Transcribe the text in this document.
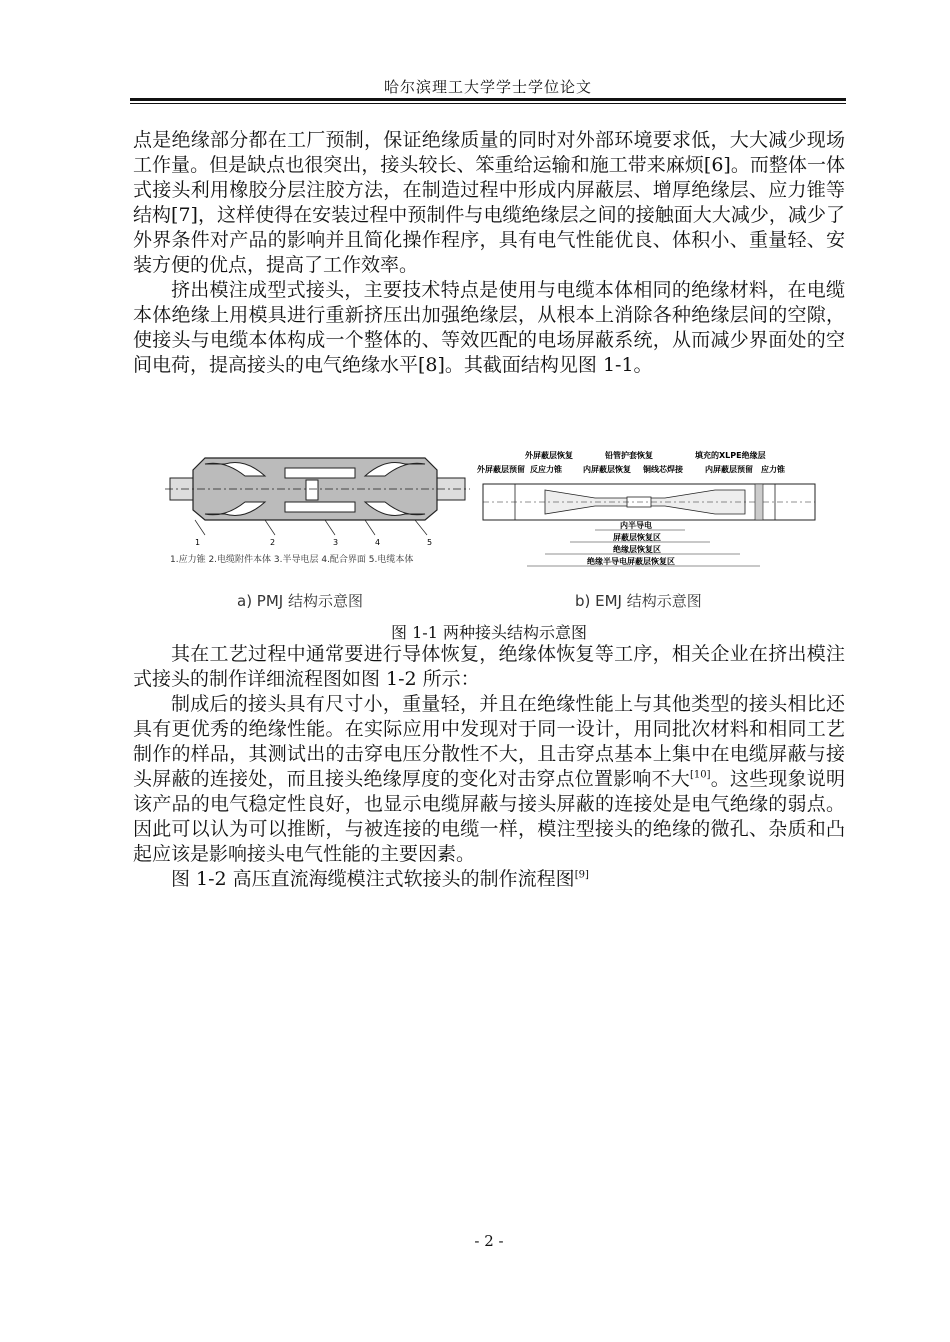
哈尔滨理工大学学士学位论文

点是绝缘部分都在工厂预制，保证绝缘质量的同时对外部环境要求低，大大减少现场工作量。但是缺点也很突出，接头较长、笨重给运输和施工带来麻烦[6]。而整体一体式接头利用橡胶分层注胶方法，在制造过程中形成内屏蔽层、增厚绝缘层、应力锥等结构[7]，这样使得在安装过程中预制件与电缆绝缘层之间的接触面大大减少，减少了外界条件对产品的影响并且简化操作程序，具有电气性能优良、体积小、重量轻、安装方便的优点，提高了工作效率。

挤出模注成型式接头，主要技术特点是使用与电缆本体相同的绝缘材料，在电缆本体绝缘上用模具进行重新挤压出加强绝缘层，从根本上消除各种绝缘层间的空隙，使接头与电缆本体构成一个整体的、等效匹配的电场屏蔽系统，从而减少界面处的空间电荷，提高接头的电气绝缘水平[8]。其截面结构见图 1-1。

1	2	3	4	5
1.应力锥 2.电缆附件本体 3.半导电层 4.配合界面 5.电缆本体
外屏蔽层恢复	铅管护套恢复	填充的XLPE绝缘层
外屏蔽层预留 反应力锥	内屏蔽层恢复 铜线芯焊接	内屏蔽层预留 应力锥
内半导电
屏蔽层恢复区
绝缘层恢复区
绝缘半导电屏蔽层恢复区
a) PMJ 结构示意图	b) EMJ 结构示意图
图 1-1 两种接头结构示意图

其在工艺过程中通常要进行导体恢复，绝缘体恢复等工序，相关企业在挤出模注式接头的制作详细流程图如图 1-2 所示：

制成后的接头具有尺寸小，重量轻，并且在绝缘性能上与其他类型的接头相比还具有更优秀的绝缘性能。在实际应用中发现对于同一设计，用同批次材料和相同工艺制作的样品，其测试出的击穿电压分散性不大，且击穿点基本上集中在电缆屏蔽与接头屏蔽的连接处，而且接头绝缘厚度的变化对击穿点位置影响不大[10]。这些现象说明该产品的电气稳定性良好，也显示电缆屏蔽与接头屏蔽的连接处是电气绝缘的弱点。因此可以认为可以推断，与被连接的电缆一样，模注型接头的绝缘的微孔、杂质和凸起应该是影响接头电气性能的主要因素。

图 1-2 高压直流海缆模注式软接头的制作流程图[9]

- 2 -
